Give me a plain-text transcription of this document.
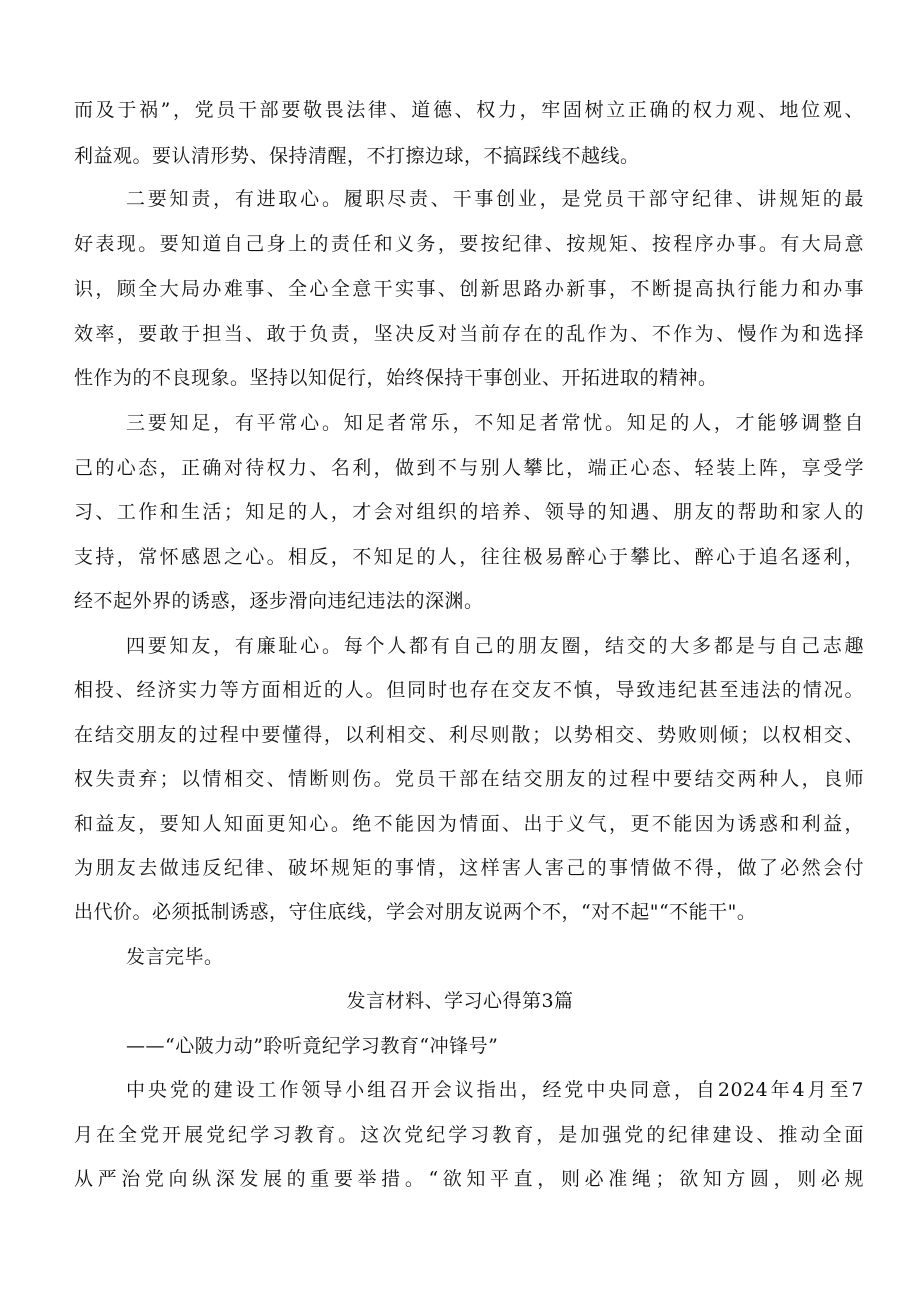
而及于祸”，党员干部要敬畏法律、道德、权力，牢固树立正确的权力观、地位观、
利益观。要认清形势、保持清醒，不打擦边球，不搞踩线不越线。
二要知责，有进取心。履职尽责、干事创业，是党员干部守纪律、讲规矩的最
好表现。要知道自己身上的责任和义务，要按纪律、按规矩、按程序办事。有大局意
识，顾全大局办难事、全心全意干实事、创新思路办新事，不断提高执行能力和办事
效率，要敢于担当、敢于负责，坚决反对当前存在的乱作为、不作为、慢作为和选择
性作为的不良现象。坚持以知促行，始终保持干事创业、开拓进取的精神。
三要知足，有平常心。知足者常乐，不知足者常忧。知足的人，才能够调整自
己的心态，正确对待权力、名利，做到不与别人攀比，端正心态、轻装上阵，享受学
习、工作和生活；知足的人，才会对组织的培养、领导的知遇、朋友的帮助和家人的
支持，常怀感恩之心。相反，不知足的人，往往极易醉心于攀比、醉心于追名逐利，
经不起外界的诱惑，逐步滑向违纪违法的深渊。
四要知友，有廉耻心。每个人都有自己的朋友圈，结交的大多都是与自己志趣
相投、经济实力等方面相近的人。但同时也存在交友不慎，导致违纪甚至违法的情况。
在结交朋友的过程中要懂得，以利相交、利尽则散；以势相交、势败则倾；以权相交、
权失责弃；以情相交、情断则伤。党员干部在结交朋友的过程中要结交两种人，良师
和益友，要知人知面更知心。绝不能因为情面、出于义气，更不能因为诱惑和利益，
为朋友去做违反纪律、破坏规矩的事情，这样害人害己的事情做不得，做了必然会付
出代价。必须抵制诱惑，守住底线，学会对朋友说两个不，“对不起"“不能干"。
发言完毕。
发言材料、学习心得第3篇
——“心陂力动”聆听竟纪学习教育“冲锋号”
中央党的建设工作领导小组召开会议指出，经党中央同意，自2024年4月至7
月在全党开展党纪学习教育。这次党纪学习教育，是加强党的纪律建设、推动全面
从严治党向纵深发展的重要举措。“欲知平直，则必准绳；欲知方圆，则必规
